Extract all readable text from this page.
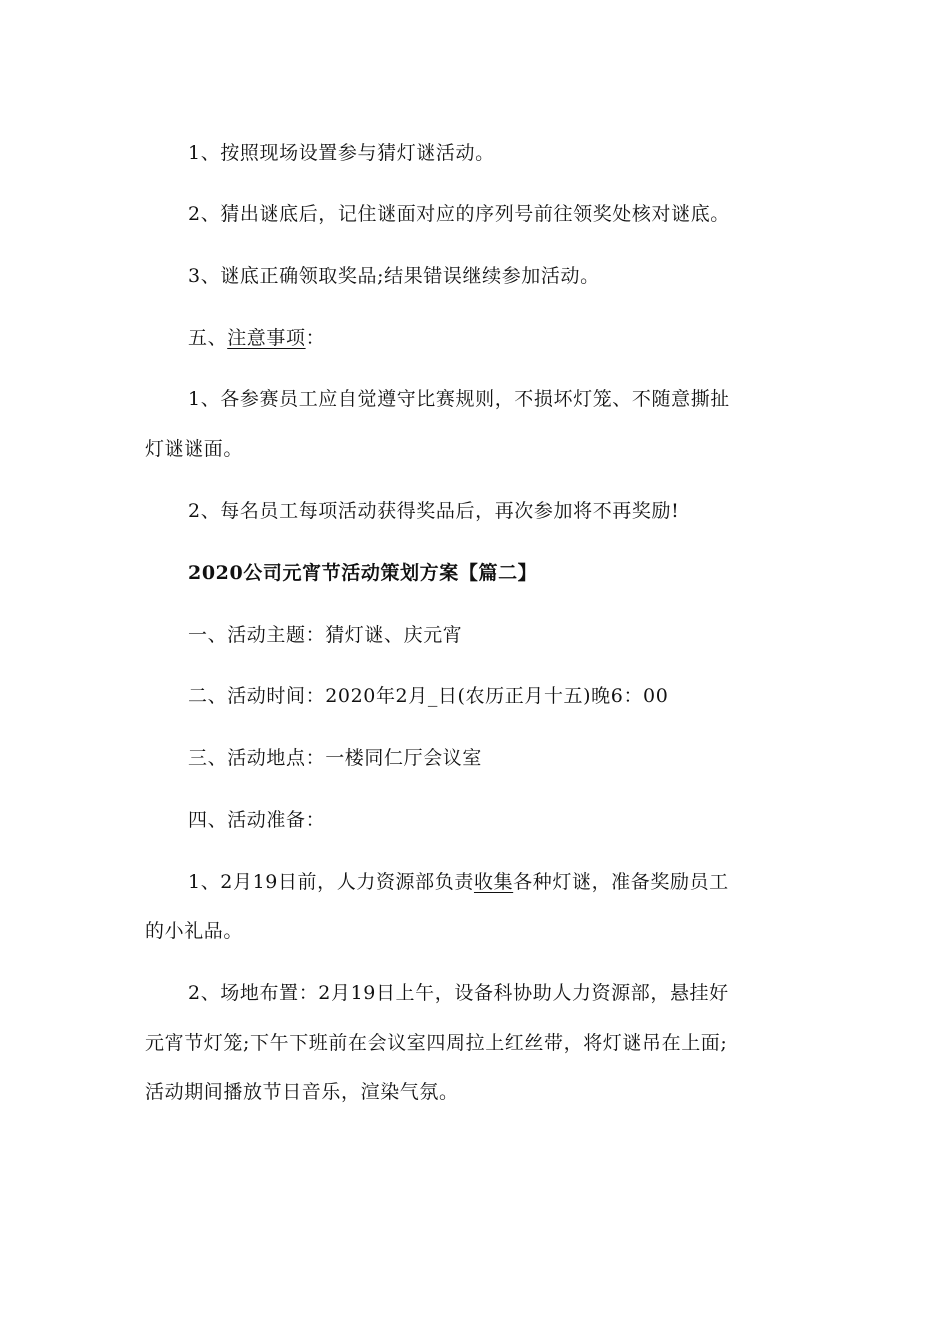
1、按照现场设置参与猜灯谜活动。
2、猜出谜底后，记住谜面对应的序列号前往领奖处核对谜底。
3、谜底正确领取奖品;结果错误继续参加活动。
五、注意事项：
1、各参赛员工应自觉遵守比赛规则，不损坏灯笼、不随意撕扯
灯谜谜面。
2、每名员工每项活动获得奖品后，再次参加将不再奖励!
2020公司元宵节活动策划方案【篇二】
一、活动主题：猜灯谜、庆元宵
二、活动时间：2020年2月_日(农历正月十五)晚6：00
三、活动地点：一楼同仁厅会议室
四、活动准备：
1、2月19日前，人力资源部负责收集各种灯谜，准备奖励员工
的小礼品。
2、场地布置：2月19日上午，设备科协助人力资源部，悬挂好
元宵节灯笼;下午下班前在会议室四周拉上红丝带，将灯谜吊在上面;
活动期间播放节日音乐，渲染气氛。
